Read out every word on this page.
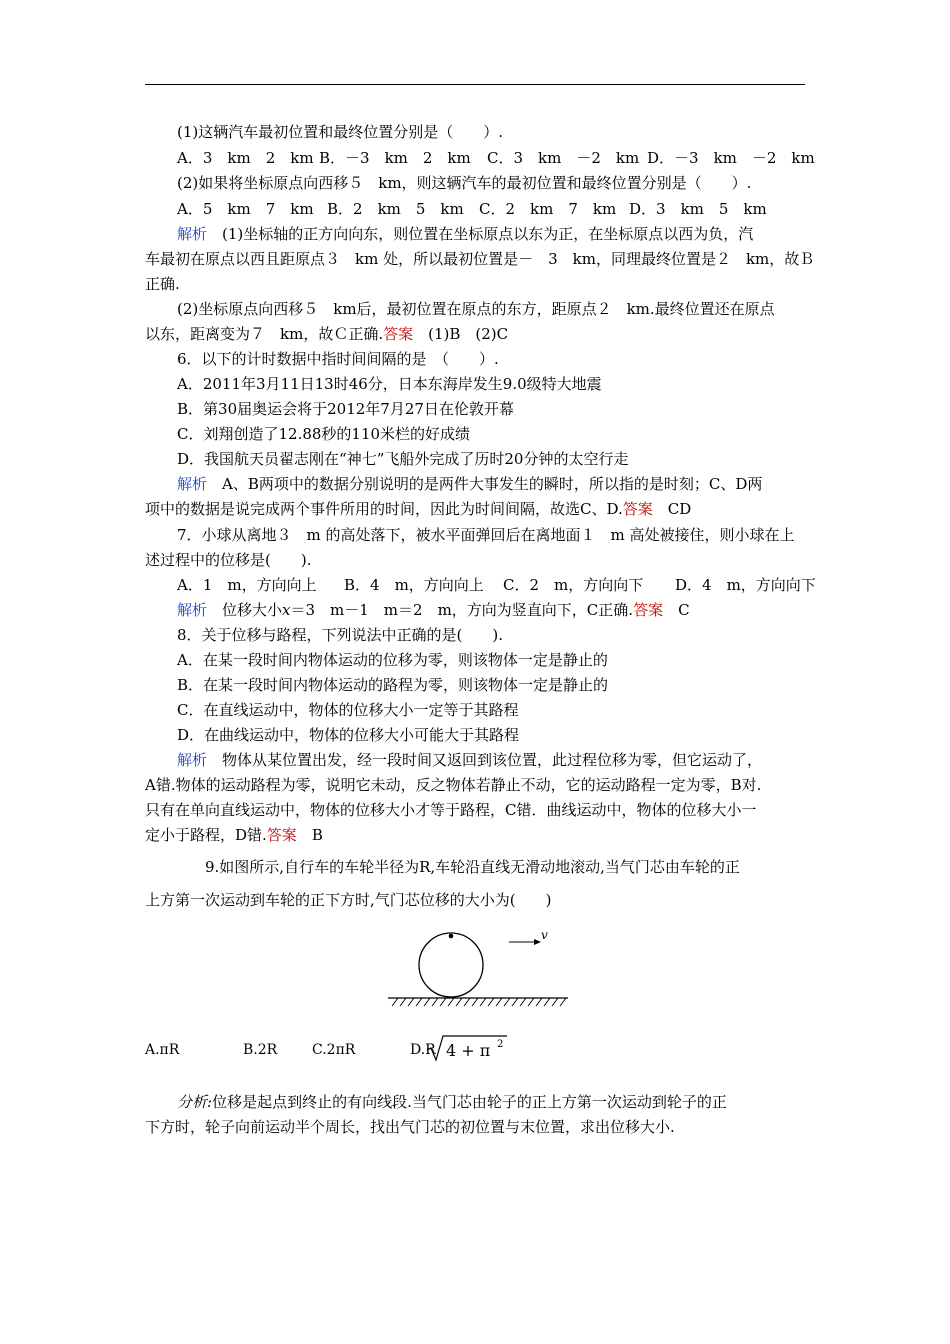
(1)这辆汽车最初位置和最终位置分别是（　　）.
A．3　km　2　km B．－3　km　2　km C．3　km　－2　km D．－3　km　－2　km
(2)如果将坐标原点向西移５　km，则这辆汽车的最初位置和最终位置分别是（　　）.
A．5　km　7　km B．2　km　5　km C．2　km　7　km D．3　km　5　km
解析　(1)坐标轴的正方向向东，则位置在坐标原点以东为正，在坐标原点以西为负，汽
车最初在原点以西且距原点３　km 处，所以最初位置是－　3　km，同理最终位置是２　km，故Ｂ
正确.
(2)坐标原点向西移５　km后，最初位置在原点的东方，距原点２　km.最终位置还在原点
以东，距离变为７　km，故Ｃ正确.答案　(1)B　(2)C
6．以下的计时数据中指时间间隔的是　（　　）.
A．2011年3月11日13时46分，日本东海岸发生9.0级特大地震
B．第30届奥运会将于2012年7月27日在伦敦开幕
C．刘翔创造了12.88秒的110米栏的好成绩
D．我国航天员翟志刚在“神七”飞船外完成了历时20分钟的太空行走
解析　A、B两项中的数据分别说明的是两件大事发生的瞬时，所以指的是时刻；C、D两
项中的数据是说完成两个事件所用的时间，因此为时间间隔，故选C、D.答案　CD
7．小球从离地３　m 的高处落下，被水平面弹回后在离地面１　m 高处被接住，则小球在上
述过程中的位移是(　　).
A．1　m，方向向上 B．4　m，方向向上 C．2　m，方向向下 D．4　m，方向向下
解析　位移大小x＝3　m－1　m＝2　m，方向为竖直向下，C正确.答案　C
8．关于位移与路程，下列说法中正确的是(　　).
A．在某一段时间内物体运动的位移为零，则该物体一定是静止的
B．在某一段时间内物体运动的路程为零，则该物体一定是静止的
C．在直线运动中，物体的位移大小一定等于其路程
D．在曲线运动中，物体的位移大小可能大于其路程
解析　物体从某位置出发，经一段时间又返回到该位置，此过程位移为零，但它运动了，
A错.物体的运动路程为零，说明它未动，反之物体若静止不动，它的运动路程一定为零，B对.
只有在单向直线运动中，物体的位移大小才等于路程，C错．曲线运动中，物体的位移大小一
定小于路程，D错.答案　B
9.如图所示,自行车的车轮半径为R,车轮沿直线无滑动地滚动,当气门芯由车轮的正
上方第一次运动到车轮的正下方时,气门芯位移的大小为(　　)
v
A.πR	B.2R C.2πR	D.R 4 + π 2
分析:位移是起点到终止的有向线段.当气门芯由轮子的正上方第一次运动到轮子的正
下方时，轮子向前运动半个周长，找出气门芯的初位置与末位置，求出位移大小.
